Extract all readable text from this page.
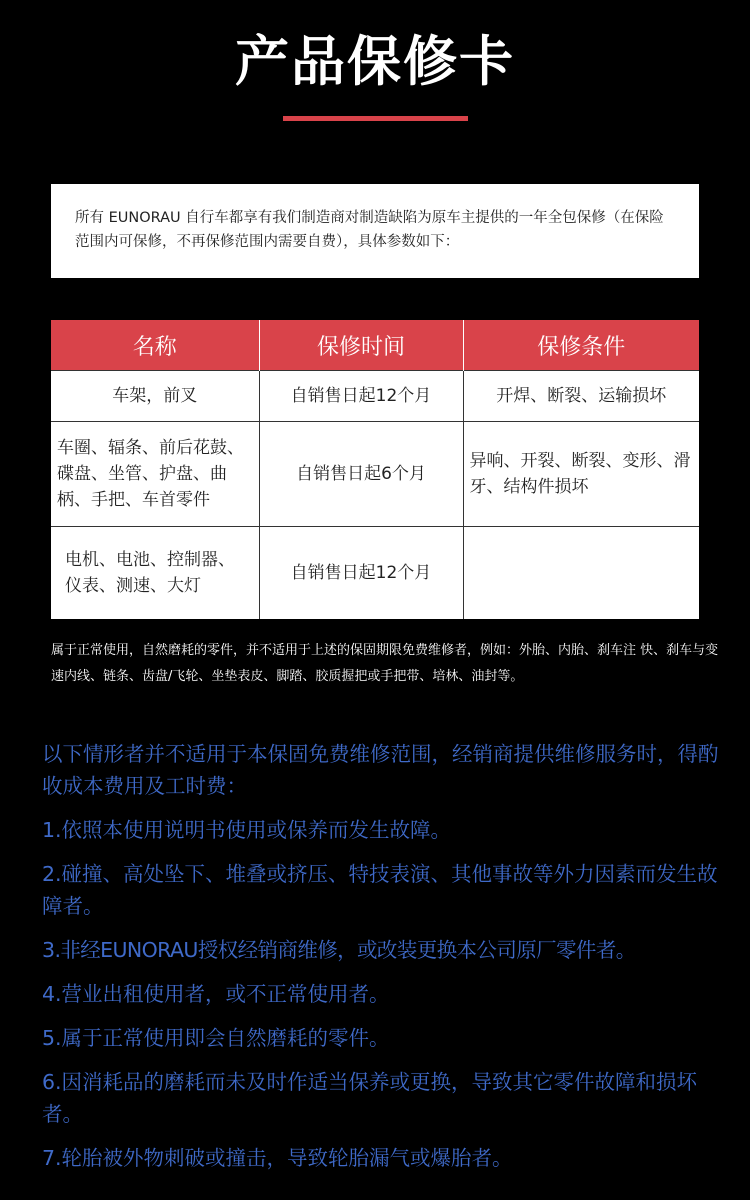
产品保修卡
所有 EUNORAU 自行车都享有我们制造商对制造缺陷为原车主提供的一年全包保修（在保险范围内可保修，不再保修范围内需要自费），具体参数如下：
名称	保修时间	保修条件
车架，前叉	自销售日起12个月	开焊、断裂、运输损坏
车圈、辐条、前后花鼓、碟盘、坐管、护盘、曲柄、手把、车首零件	自销售日起6个月	异响、开裂、断裂、变形、滑牙、结构件损坏
电机、电池、控制器、仪表、测速、大灯	自销售日起12个月	
属于正常使用，自然磨耗的零件，并不适用于上述的保固期限免费维修者，例如：外胎、内胎、刹车注 快、刹车与变速内线、链条、齿盘/飞轮、坐垫表皮、脚踏、胶质握把或手把带、培林、油封等。

以下情形者并不适用于本保固免费维修范围，经销商提供维修服务时，得酌收成本费用及工时费：

1.依照本使用说明书使用或保养而发生故障。

2.碰撞、高处坠下、堆叠或挤压、特技表演、其他事故等外力因素而发生故障者。

3.非经EUNORAU授权经销商维修，或改装更换本公司原厂零件者。

4.营业出租使用者，或不正常使用者。

5.属于正常使用即会自然磨耗的零件。

6.因消耗品的磨耗而未及时作适当保养或更换，导致其它零件故障和损坏者。

7.轮胎被外物刺破或撞击，导致轮胎漏气或爆胎者。
